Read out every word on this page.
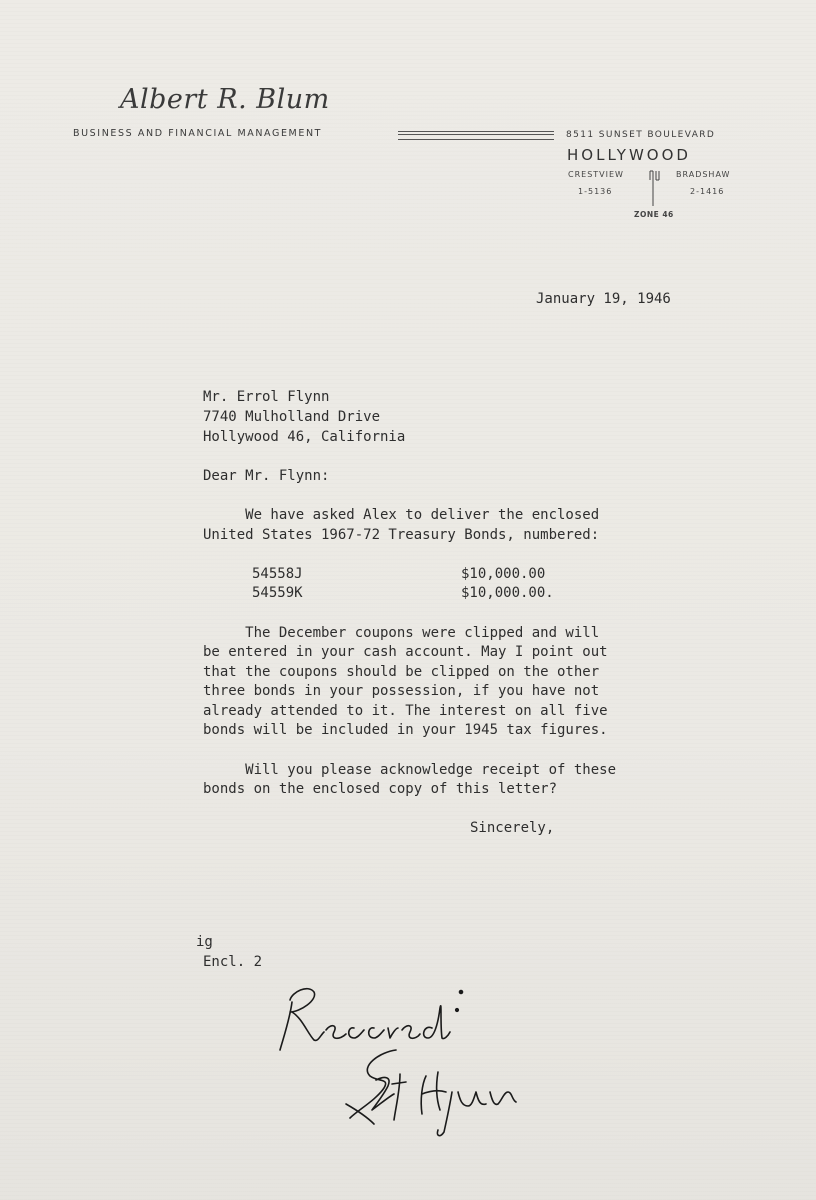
Albert R. Blum
BUSINESS AND FINANCIAL MANAGEMENT	8511 SUNSET BOULEVARD
HOLLYWOOD
CRESTVIEW
1-5136
BRADSHAW
2-1416
ZONE 46
January 19, 1946
Mr. Errol Flynn
7740 Mulholland Drive
Hollywood 46, California
Dear Mr. Flynn:
We have asked Alex to deliver the enclosed
United States 1967-72 Treasury Bonds, numbered:
54558J	$10,000.00
54559K	$10,000.00.
The December coupons were clipped and will
be entered in your cash account. May I point out
that the coupons should be clipped on the other
three bonds in your possession, if you have not
already attended to it. The interest on all five
bonds will be included in your 1945 tax figures.
Will you please acknowledge receipt of these
bonds on the enclosed copy of this letter?
Sincerely,
ig
Encl. 2
